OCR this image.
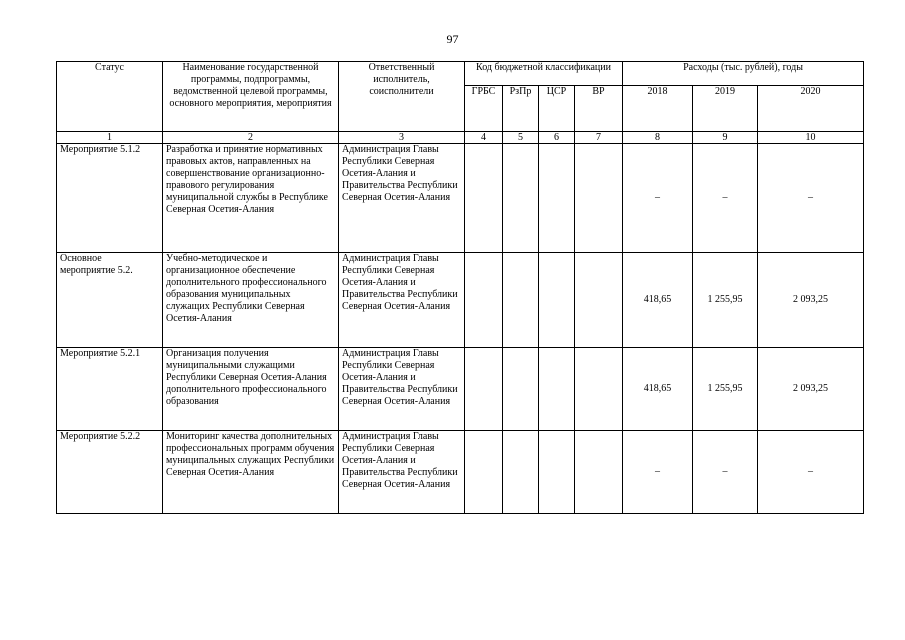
97
Статус	Наименование государственной программы, подпрограммы, ведомственной целевой программы, основного мероприятия, мероприятия	Ответственный исполнитель, соисполнители	Код бюджетной классификации				Расходы (тыс. рублей), годы		
			ГРБС	РзПр	ЦСР	ВР	2018	2019	2020
1	2	3	4	5	6	7	8	9	10
Мероприятие 5.1.2	Разработка и принятие нормативных правовых актов, направленных на совершенствование организационно-правового регулирования муниципальной службы в Республике Северная Осетия-Алания	Администрация Главы Республики Северная Осетия-Алания и Правительства Республики Северная Осетия-Алания					–	–	–
Основное мероприятие 5.2.	Учебно-методическое и организационное обеспечение дополнительного профессионального образования муниципальных служащих Республики Северная Осетия-Алания	Администрация Главы Республики Северная Осетия-Алания и Правительства Республики Северная Осетия-Алания					418,65	1 255,95	2 093,25
Мероприятие 5.2.1	Организация получения муниципальными служащими Республики Северная Осетия-Алания дополнительного профессионального образования	Администрация Главы Республики Северная Осетия-Алания и Правительства Республики Северная Осетия-Алания					418,65	1 255,95	2 093,25
Мероприятие 5.2.2	Мониторинг качества дополнительных профессиональных программ обучения муниципальных служащих Республики Северная Осетия-Алания	Администрация Главы Республики Северная Осетия-Алания и Правительства Республики Северная Осетия-Алания					–	–	–
